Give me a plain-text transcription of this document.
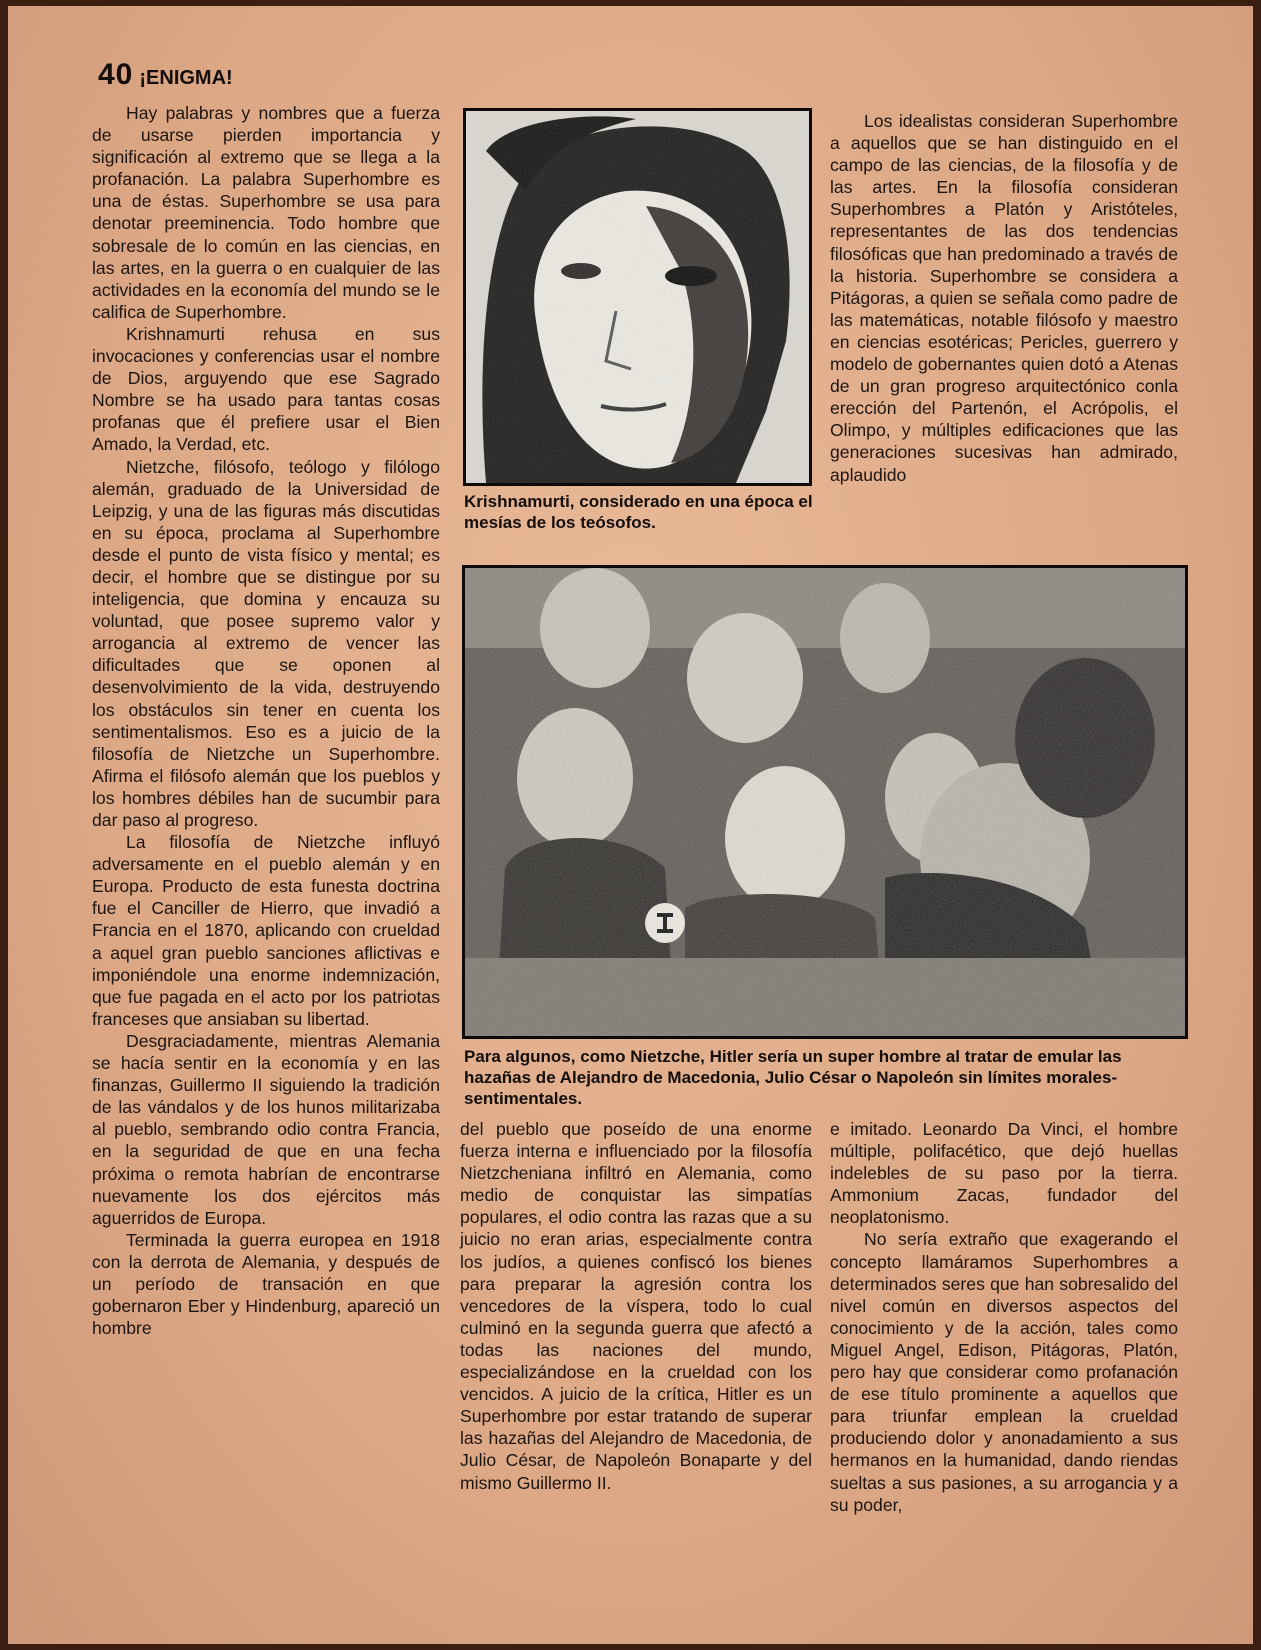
40 ¡ENIGMA!

Hay palabras y nombres que a fuerza de usarse pierden importancia y significación al extremo que se llega a la profanación. La palabra Superhombre es una de éstas. Superhombre se usa para denotar preeminencia. Todo hombre que sobresale de lo común en las ciencias, en las artes, en la guerra o en cualquier de las actividades en la economía del mundo se le califica de Superhombre.

Krishnamurti rehusa en sus invocaciones y conferencias usar el nombre de Dios, arguyendo que ese Sagrado Nombre se ha usado para tantas cosas profanas que él prefiere usar el Bien Amado, la Verdad, etc.

Nietzche, filósofo, teólogo y filólogo alemán, graduado de la Universidad de Leipzig, y una de las figuras más discutidas en su época, proclama al Superhombre desde el punto de vista físico y mental; es decir, el hombre que se distingue por su inteligencia, que domina y encauza su voluntad, que posee supremo valor y arrogancia al extremo de vencer las dificultades que se oponen al desenvolvimiento de la vida, destruyendo los obstáculos sin tener en cuenta los sentimentalismos. Eso es a juicio de la filosofía de Nietzche un Superhombre. Afirma el filósofo alemán que los pueblos y los hombres débiles han de sucumbir para dar paso al progreso.

La filosofía de Nietzche influyó adversamente en el pueblo alemán y en Europa. Producto de esta funesta doctrina fue el Canciller de Hierro, que invadió a Francia en el 1870, aplicando con crueldad a aquel gran pueblo sanciones aflictivas e imponiéndole una enorme indemnización, que fue pagada en el acto por los patriotas franceses que ansiaban su libertad.

Desgraciadamente, mientras Alemania se hacía sentir en la economía y en las finanzas, Guillermo II siguiendo la tradición de las vándalos y de los hunos militarizaba al pueblo, sembrando odio contra Francia, en la seguridad de que en una fecha próxima o remota habrían de encontrarse nuevamente los dos ejércitos más aguerridos de Europa.

Terminada la guerra europea en 1918 con la derrota de Alemania, y después de un período de transación en que gobernaron Eber y Hindenburg, apareció un hombre

Krishnamurti, considerado en una época el mesías de los teósofos.

Los idealistas consideran Superhombre a aquellos que se han distinguido en el campo de las ciencias, de la filosofía y de las artes. En la filosofía consideran Superhombres a Platón y Aristóteles, representantes de las dos tendencias filosóficas que han predominado a través de la historia. Superhombre se considera a Pitágoras, a quien se señala como padre de las matemáticas, notable filósofo y maestro en ciencias esotéricas; Pericles, guerrero y modelo de gobernantes quien dotó a Atenas de un gran progreso arquitectónico conla erección del Partenón, el Acrópolis, el Olimpo, y múltiples edificaciones que las generaciones sucesivas han admirado, aplaudido

Para algunos, como Nietzche, Hitler sería un super hombre al tratar de emular las hazañas de Alejandro de Macedonia, Julio César o Napoleón sin límites morales-sentimentales.

del pueblo que poseído de una enorme fuerza interna e influenciado por la filosofía Nietzcheniana infiltró en Alemania, como medio de conquistar las simpatías populares, el odio contra las razas que a su juicio no eran arias, especialmente contra los judíos, a quienes confiscó los bienes para preparar la agresión contra los vencedores de la víspera, todo lo cual culminó en la segunda guerra que afectó a todas las naciones del mundo, especializándose en la crueldad con los vencidos. A juicio de la crítica, Hitler es un Superhombre por estar tratando de superar las hazañas del Alejandro de Macedonia, de Julio César, de Napoleón Bonaparte y del mismo Guillermo II.

e imitado. Leonardo Da Vinci, el hombre múltiple, polifacético, que dejó huellas indelebles de su paso por la tierra. Ammonium Zacas, fundador del neoplatonismo.

No sería extraño que exagerando el concepto llamáramos Superhombres a determinados seres que han sobresalido del nivel común en diversos aspectos del conocimiento y de la acción, tales como Miguel Angel, Edison, Pitágoras, Platón, pero hay que considerar como profanación de ese título prominente a aquellos que para triunfar emplean la crueldad produciendo dolor y anonadamiento a sus hermanos en la humanidad, dando riendas sueltas a sus pasiones, a su arrogancia y a su poder,
